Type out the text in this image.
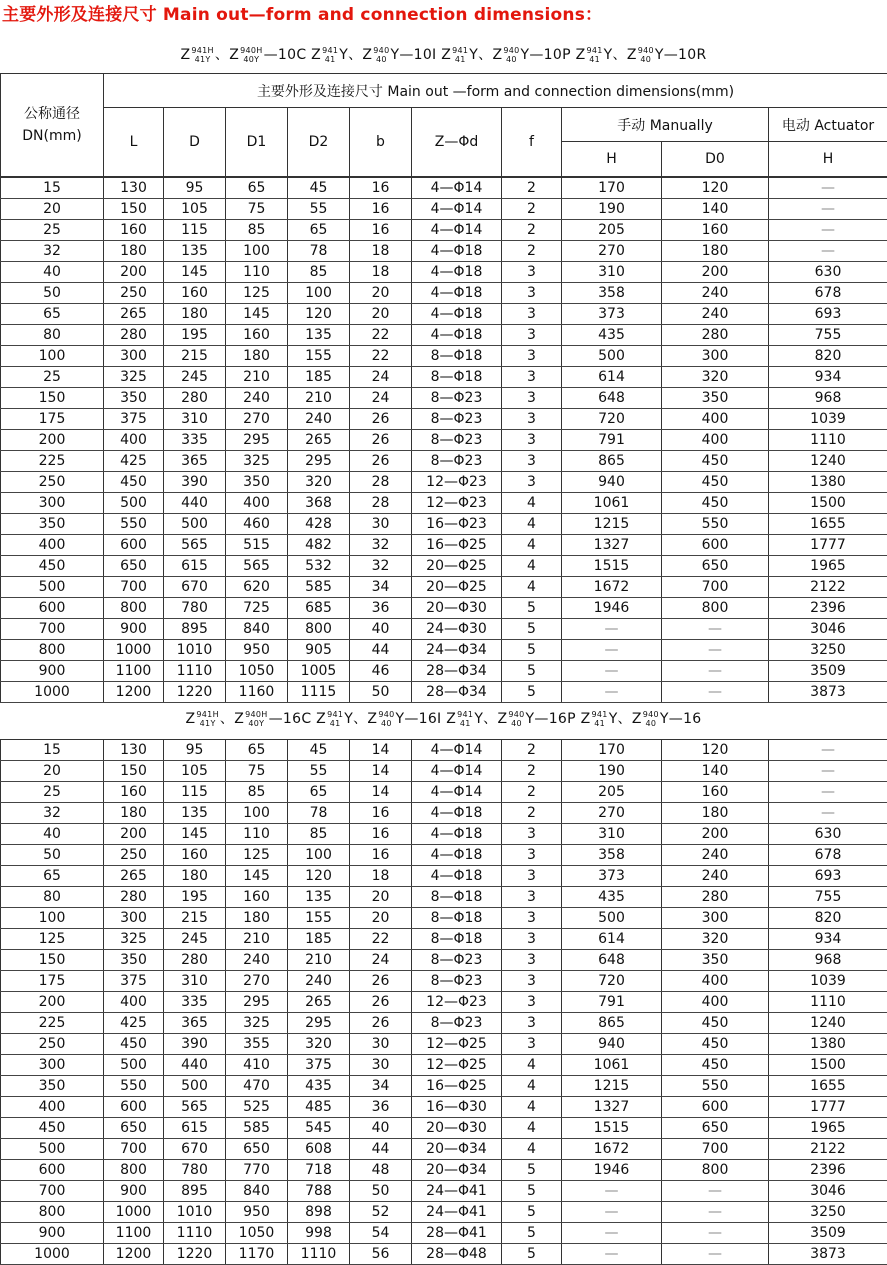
主要外形及连接尺寸 Main out—form and connection dimensions：
Z 941H
41Y 、Z 940H
40Y —10C Z 941
41 Y、Z 940
40 Y—10I Z 941
41 Y、Z 940
40 Y—10P Z 941
41 Y、Z 940
40 Y—10R
公称通径
DN(mm)	主要外形及连接尺寸 Main out —form and connection dimensions(mm)									
	L	D	D1	D2	b	Z—Φd	f	手动 Manually		电动 Actuator
								H	D0	H
15	130	95	65	45	16	4—Φ14	2	170	120	—
20	150	105	75	55	16	4—Φ14	2	190	140	—
25	160	115	85	65	16	4—Φ14	2	205	160	—
32	180	135	100	78	18	4—Φ18	2	270	180	—
40	200	145	110	85	18	4—Φ18	3	310	200	630
50	250	160	125	100	20	4—Φ18	3	358	240	678
65	265	180	145	120	20	4—Φ18	3	373	240	693
80	280	195	160	135	22	4—Φ18	3	435	280	755
100	300	215	180	155	22	8—Φ18	3	500	300	820
25	325	245	210	185	24	8—Φ18	3	614	320	934
150	350	280	240	210	24	8—Φ23	3	648	350	968
175	375	310	270	240	26	8—Φ23	3	720	400	1039
200	400	335	295	265	26	8—Φ23	3	791	400	1110
225	425	365	325	295	26	8—Φ23	3	865	450	1240
250	450	390	350	320	28	12—Φ23	3	940	450	1380
300	500	440	400	368	28	12—Φ23	4	1061	450	1500
350	550	500	460	428	30	16—Φ23	4	1215	550	1655
400	600	565	515	482	32	16—Φ25	4	1327	600	1777
450	650	615	565	532	32	20—Φ25	4	1515	650	1965
500	700	670	620	585	34	20—Φ25	4	1672	700	2122
600	800	780	725	685	36	20—Φ30	5	1946	800	2396
700	900	895	840	800	40	24—Φ30	5	—	—	3046
800	1000	1010	950	905	44	24—Φ34	5	—	—	3250
900	1100	1110	1050	1005	46	28—Φ34	5	—	—	3509
1000	1200	1220	1160	1115	50	28—Φ34	5	—	—	3873
Z 941H
41Y 、Z 940H
40Y —16C Z 941
41 Y、Z 940
40 Y—16I Z 941
41 Y、Z 940
40 Y—16P Z 941
41 Y、Z 940
40 Y—16
15	130	95	65	45	14	4—Φ14	2	170	120	—
20	150	105	75	55	14	4—Φ14	2	190	140	—
25	160	115	85	65	14	4—Φ14	2	205	160	—
32	180	135	100	78	16	4—Φ18	2	270	180	—
40	200	145	110	85	16	4—Φ18	3	310	200	630
50	250	160	125	100	16	4—Φ18	3	358	240	678
65	265	180	145	120	18	4—Φ18	3	373	240	693
80	280	195	160	135	20	8—Φ18	3	435	280	755
100	300	215	180	155	20	8—Φ18	3	500	300	820
125	325	245	210	185	22	8—Φ18	3	614	320	934
150	350	280	240	210	24	8—Φ23	3	648	350	968
175	375	310	270	240	26	8—Φ23	3	720	400	1039
200	400	335	295	265	26	12—Φ23	3	791	400	1110
225	425	365	325	295	26	8—Φ23	3	865	450	1240
250	450	390	355	320	30	12—Φ25	3	940	450	1380
300	500	440	410	375	30	12—Φ25	4	1061	450	1500
350	550	500	470	435	34	16—Φ25	4	1215	550	1655
400	600	565	525	485	36	16—Φ30	4	1327	600	1777
450	650	615	585	545	40	20—Φ30	4	1515	650	1965
500	700	670	650	608	44	20—Φ34	4	1672	700	2122
600	800	780	770	718	48	20—Φ34	5	1946	800	2396
700	900	895	840	788	50	24—Φ41	5	—	—	3046
800	1000	1010	950	898	52	24—Φ41	5	—	—	3250
900	1100	1110	1050	998	54	28—Φ41	5	—	—	3509
1000	1200	1220	1170	1110	56	28—Φ48	5	—	—	3873
